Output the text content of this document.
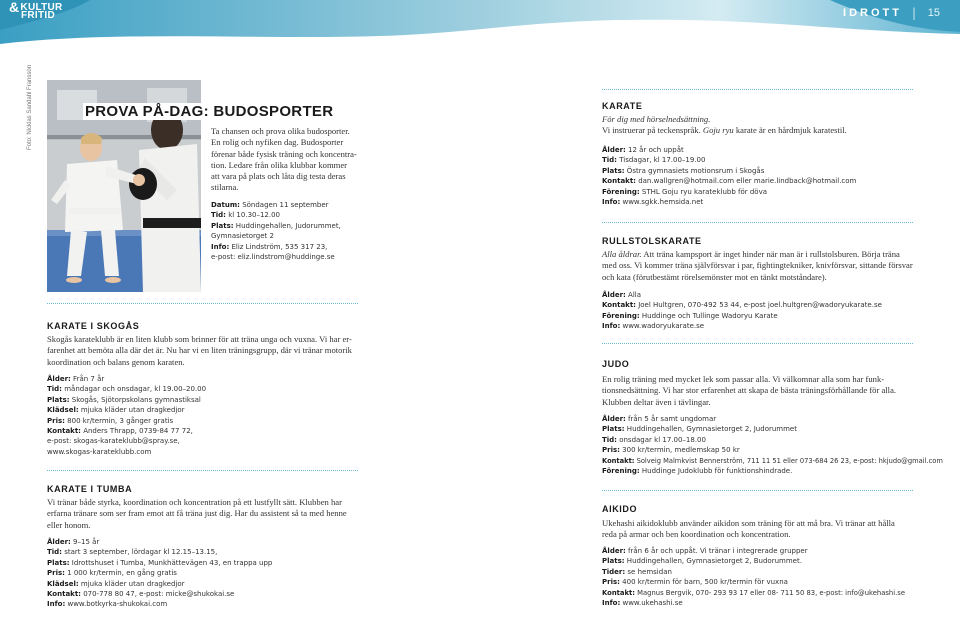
&KULTUR
FRITID	IDROTT | 15
Foto: Nicklas Sandahl Fransson	PROVA PÅ-DAG: BUDOSPORTER
Ta chansen och prova olika budosporter.
En rolig och nyfiken dag. Budosporter
förenar både fysisk träning och koncentra-
tion. Ledare från olika klubbar kommer
att vara på plats och låta dig testa deras
stilarna.
Datum: Söndagen 11 september
Tid: kl 10.30–12.00
Plats: Huddingehallen, Judorummet,
Gymnasietorget 2
Info: Eliz Lindström, 535 317 23,
e-post: eliz.lindstrom@huddinge.se
KARATE I SKOGÅS
Skogås karateklubb är en liten klubb som brinner för att träna unga och vuxna. Vi har er-
farenhet att bemöta alla där det är. Nu har vi en liten träningsgrupp, där vi tränar motorik
koordination och balans genom karaten.
Ålder: Från 7 år
Tid: måndagar och onsdagar, kl 19.00–20.00
Plats: Skogås, Sjötorpskolans gymnastiksal
Klädsel: mjuka kläder utan dragkedjor
Pris: 800 kr/termin, 3 gånger gratis
Kontakt: Anders Thrapp, 0739-84 77 72,
e-post: skogas-karateklubb@spray.se,
www.skogas-karateklubb.com
KARATE I TUMBA
Vi tränar både styrka, koordination och koncentration på ett lustfyllt sätt. Klubben har
erfarna tränare som ser fram emot att få träna just dig. Har du assistent så ta med henne
eller honom.
Ålder: 9–15 år
Tid: start 3 september, lördagar kl 12.15–13.15,
Plats: Idrottshuset i Tumba, Munkhättevägen 43, en trappa upp
Pris: 1 000 kr/termin, en gång gratis
Klädsel: mjuka kläder utan dragkedjor
Kontakt: 070-778 80 47, e-post: micke@shukokai.se
Info: www.botkyrka-shukokai.com
KARATE
För dig med hörselnedsättning.
Vi instruerar på teckenspråk. Goju ryu karate är en hårdmjuk karatestil.
Ålder: 12 år och uppåt
Tid: Tisdagar, kl 17.00–19.00
Plats: Östra gymnasiets motionsrum i Skogås
Kontakt: dan.wallgren@hotmail.com eller marie.lindback@hotmail.com
Förening: STHL Goju ryu karateklubb för döva
Info: www.sgkk.hemsida.net
RULLSTOLSKARATE
Alla åldrar. Att träna kampsport är inget hinder när man är i rullstolsburen. Börja träna
med oss. Vi kommer träna självförsvar i par, fightingtekniker, knivförsvar, sittande försvar
och kata (förutbestämt rörelsemönster mot en tänkt motståndare).
Ålder: Alla
Kontakt: Joel Hultgren, 070-492 53 44, e-post joel.hultgren@wadoryukarate.se
Förening: Huddinge och Tullinge Wadoryu Karate
Info: www.wadoryukarate.se
JUDO
En rolig träning med mycket lek som passar alla. Vi välkomnar alla som har funk-
tionsnedsättning. Vi har stor erfarenhet att skapa de bästa träningsförhållande för alla.
Klubben deltar även i tävlingar.
Ålder: från 5 år samt ungdomar
Plats: Huddingehallen, Gymnasietorget 2, Judorummet
Tid: onsdagar kl 17.00–18.00
Pris: 300 kr/termin, medlemskap 50 kr
Kontakt: Solveig Malmkvist Bennerström, 711 11 51 eller 073-684 26 23, e-post: hkjudo@gmail.com
Förening: Huddinge Judoklubb för funktionshindrade.
AIKIDO
Ukehashi aikidoklubb använder aikidon som träning för att må bra. Vi tränar att hålla
reda på armar och ben koordination och koncentration.
Ålder: från 6 år och uppåt. Vi tränar i integrerade grupper
Plats: Huddingehallen, Gymnasietorget 2, Budorummet.
Tider: se hemsidan
Pris: 400 kr/termin för barn, 500 kr/termin för vuxna
Kontakt: Magnus Bergvik, 070- 293 93 17 eller 08- 711 50 83, e-post: info@ukehashi.se
Info: www.ukehashi.se
